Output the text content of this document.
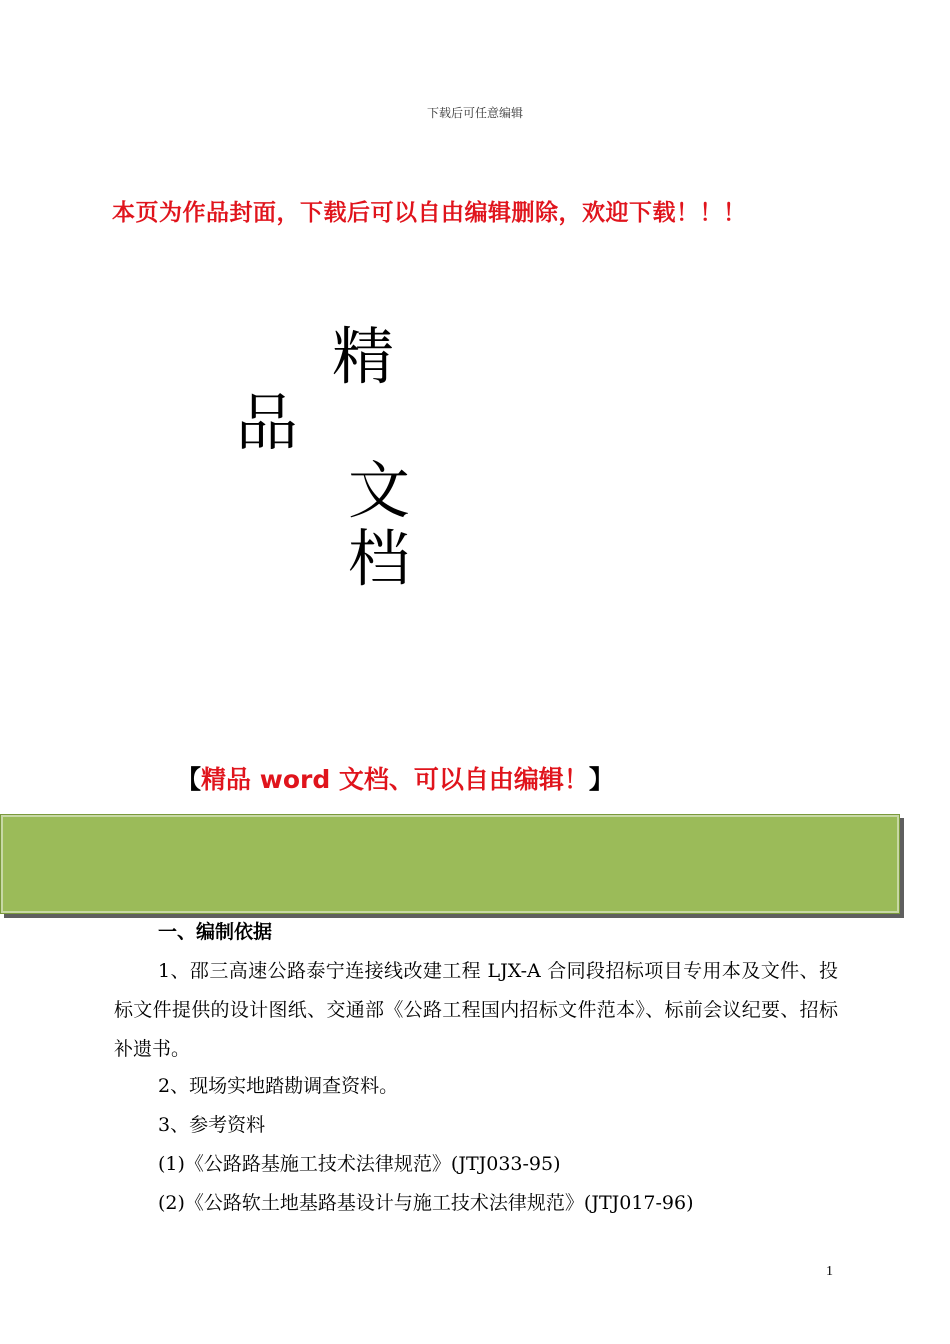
下载后可任意编辑
本页为作品封面，下载后可以自由编辑删除，欢迎下载！！！
精
品
文
档
【精品 word 文档、可以自由编辑！】
一、编制依据
1、邵三高速公路泰宁连接线改建工程 LJX-A 合同段招标项目专用本及文件、投标文件提供的设计图纸、交通部《公路工程国内招标文件范本》、标前会议纪要、招标补遗书。
2、现场实地踏勘调查资料。
3、参考资料
(1)《公路路基施工技术法律规范》(JTJ033-95)
(2)《公路软土地基路基设计与施工技术法律规范》(JTJ017-96)
1
